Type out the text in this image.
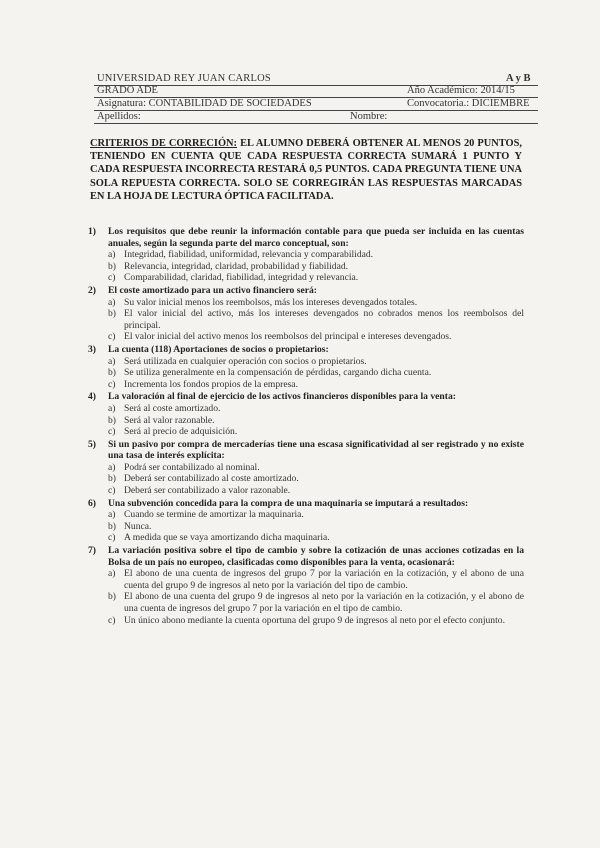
UNIVERSIDAD REY JUAN CARLOS	A y B
GRADO ADE	Año Académico: 2014/15
Asignatura: CONTABILIDAD DE SOCIEDADES	Convocatoria.: DICIEMBRE
Apellidos:	Nombre:
CRITERIOS DE CORRECIÓN: EL ALUMNO DEBERÁ OBTENER AL MENOS 20 PUNTOS, TENIENDO EN CUENTA QUE CADA RESPUESTA CORRECTA SUMARÁ 1 PUNTO Y CADA RESPUESTA INCORRECTA RESTARÁ 0,5 PUNTOS. CADA PREGUNTA TIENE UNA SOLA REPUESTA CORRECTA. SOLO SE CORREGIRÁN LAS RESPUESTAS MARCADAS EN LA HOJA DE LECTURA ÓPTICA FACILITADA.
1)	Los requisitos que debe reunir la información contable para que pueda ser incluida en las cuentas anuales, según la segunda parte del marco conceptual, son:
a) Integridad, fiabilidad, uniformidad, relevancia y comparabilidad.
b) Relevancia, integridad, claridad, probabilidad y fiabilidad.
c) Comparabilidad, claridad, fiabilidad, integridad y relevancia.
2)	El coste amortizado para un activo financiero será:
a) Su valor inicial menos los reembolsos, más los intereses devengados totales.
b) El valor inicial del activo, más los intereses devengados no cobrados menos los reembolsos del principal.
c) El valor inicial del activo menos los reembolsos del principal e intereses devengados.
3)	La cuenta (118) Aportaciones de socios o propietarios:
a) Será utilizada en cualquier operación con socios o propietarios.
b) Se utiliza generalmente en la compensación de pérdidas, cargando dicha cuenta.
c) Incrementa los fondos propios de la empresa.
4)	La valoración al final de ejercicio de los activos financieros disponibles para la venta:
a) Será al coste amortizado.
b) Será al valor razonable.
c) Será al precio de adquisición.
5)	Si un pasivo por compra de mercaderías tiene una escasa significatividad al ser registrado y no existe una tasa de interés explícita:
a) Podrá ser contabilizado al nominal.
b) Deberá ser contabilizado al coste amortizado.
c) Deberá ser contabilizado a valor razonable.
6)	Una subvención concedida para la compra de una maquinaria se imputará a resultados:
a) Cuando se termine de amortizar la maquinaria.
b) Nunca.
c) A medida que se vaya amortizando dicha maquinaria.
7)	La variación positiva sobre el tipo de cambio y sobre la cotización de unas acciones cotizadas en la Bolsa de un país no europeo, clasificadas como disponibles para la venta, ocasionará:
a) El abono de una cuenta de ingresos del grupo 7 por la variación en la cotización, y el abono de una cuenta del grupo 9 de ingresos al neto por la variación del tipo de cambio.
b) El abono de una cuenta del grupo 9 de ingresos al neto por la variación en la cotización, y el abono de una cuenta de ingresos del grupo 7 por la variación en el tipo de cambio.
c) Un único abono mediante la cuenta oportuna del grupo 9 de ingresos al neto por el efecto conjunto.
